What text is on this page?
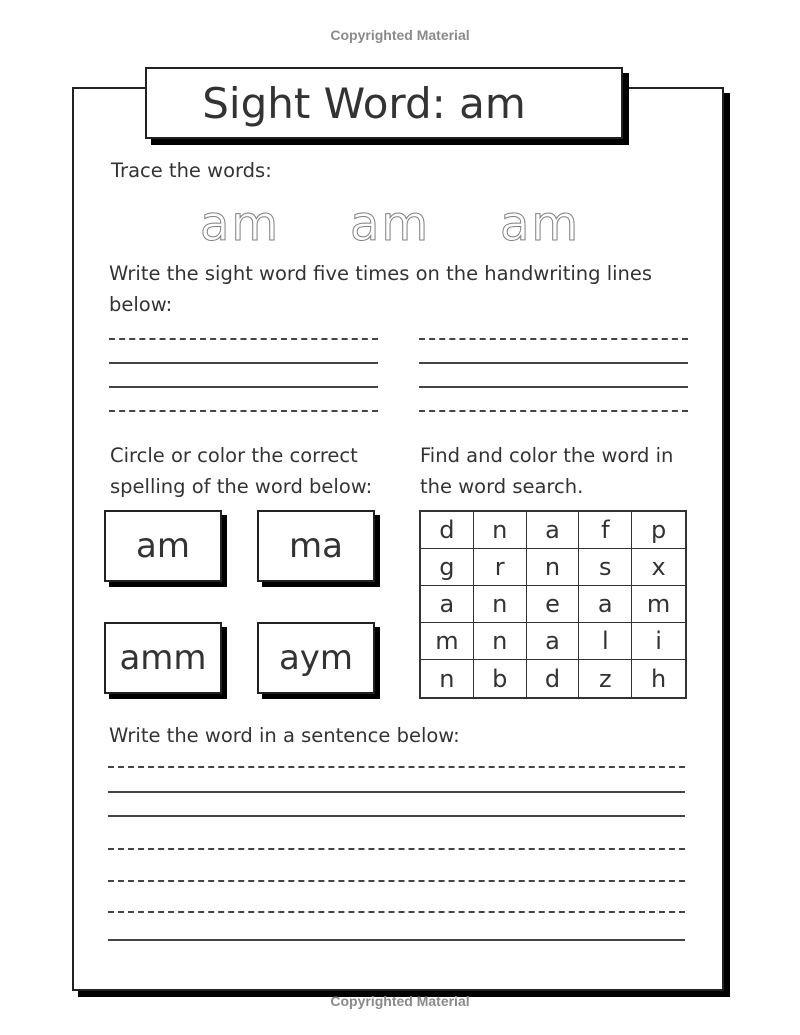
Copyrighted Material
Sight Word: am
Trace the words:
am am am
Write the sight word five times on the handwriting lines
below:
Circle or color the correct
spelling of the word below:
am	ma
amm	aym
Find and color the word in
the word search.
d	n	a	f	p
g	r	n	s	x
a	n	e	a	m
m	n	a	l	i
n	b	d	z	h
Write the word in a sentence below:
Copyrighted Material
